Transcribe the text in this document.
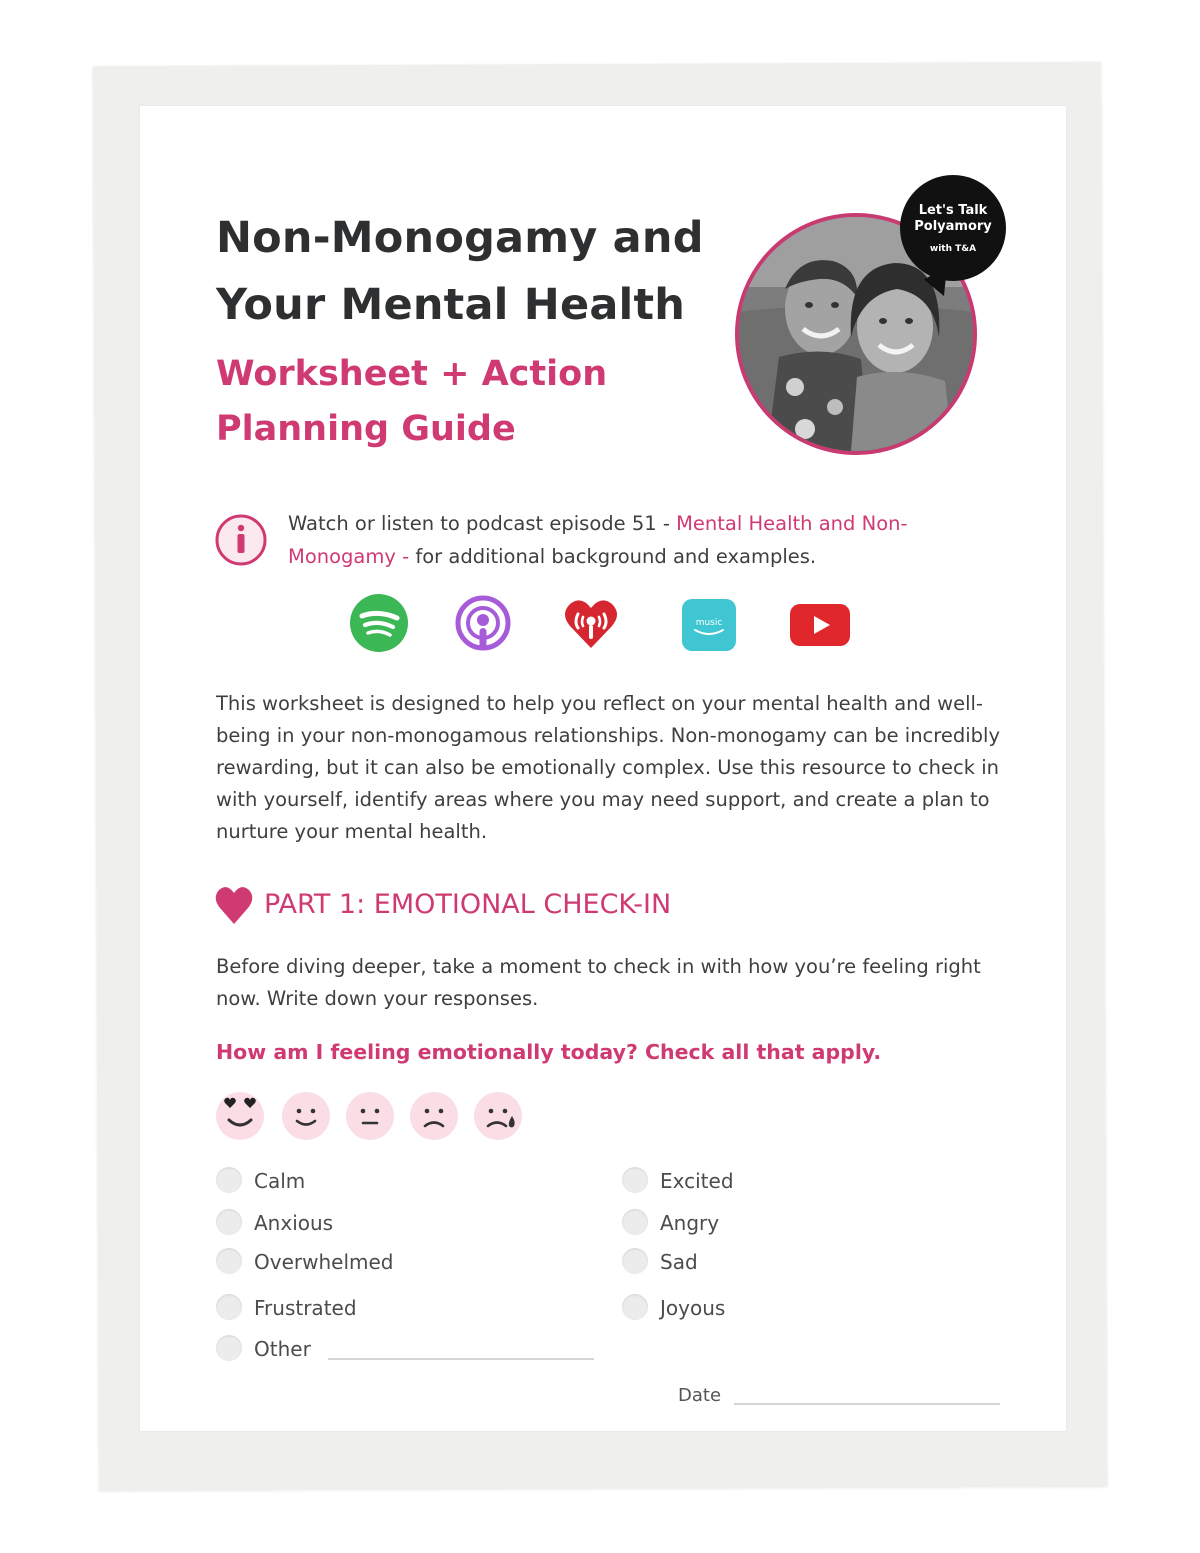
Non-Monogamy and
Your Mental Health
Worksheet + Action
Planning Guide
Let's Talk
Polyamory
with T&A
Watch or listen to podcast episode 51 - Mental Health and Non-Monogamy - for additional background and examples.
music
This worksheet is designed to help you reflect on your mental health and well-being in your non-monogamous relationships. Non-monogamy can be incredibly rewarding, but it can also be emotionally complex. Use this resource to check in with yourself, identify areas where you may need support, and create a plan to nurture your mental health.
PART 1: EMOTIONAL CHECK-IN
Before diving deeper, take a moment to check in with how you’re feeling right now. Write down your responses.
How am I feeling emotionally today? Check all that apply.
Calm
Anxious
Overwhelmed
Frustrated
Other
Excited
Angry
Sad
Joyous
Date
